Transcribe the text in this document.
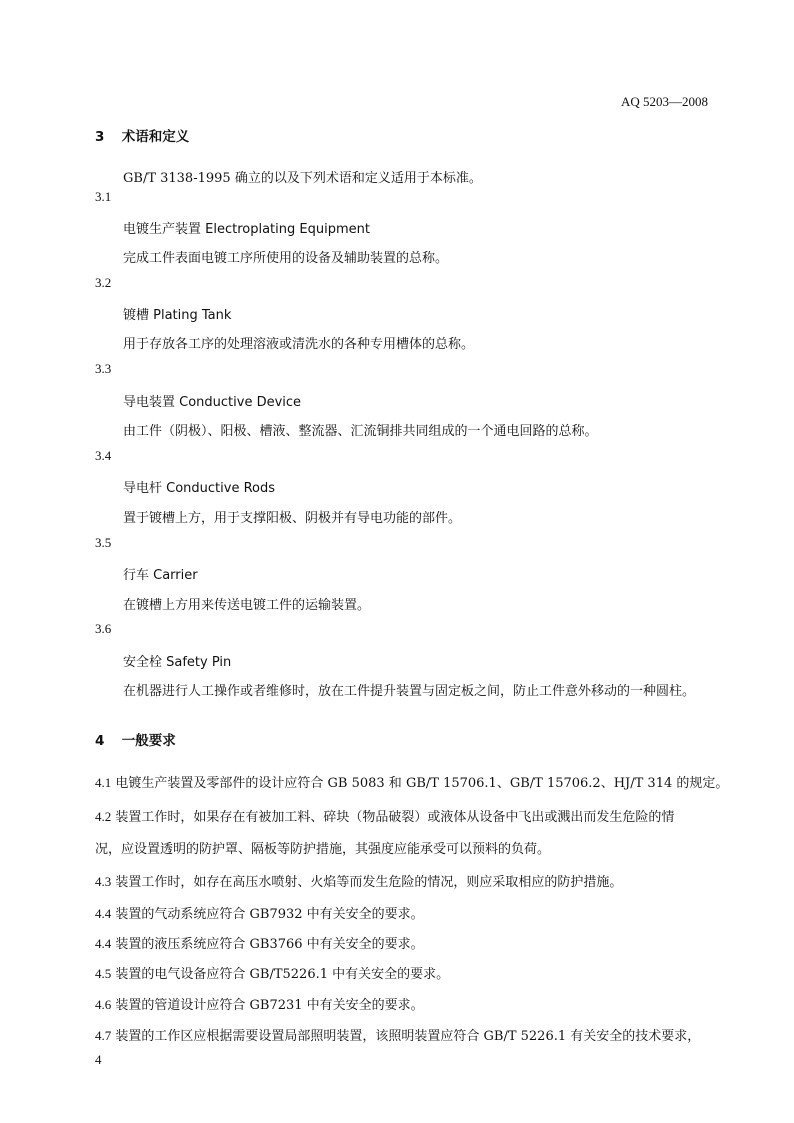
AQ 5203—2008
3 术语和定义
GB/T 3138-1995 确立的以及下列术语和定义适用于本标准。
3.1
电镀生产装置 Electroplating Equipment
完成工件表面电镀工序所使用的设备及辅助装置的总称。
3.2
镀槽 Plating Tank
用于存放各工序的处理溶液或清洗水的各种专用槽体的总称。
3.3
导电装置 Conductive Device
由工件（阴极）、阳极、槽液、整流器、汇流铜排共同组成的一个通电回路的总称。
3.4
导电杆 Conductive Rods
置于镀槽上方，用于支撑阳极、阴极并有导电功能的部件。
3.5
行车 Carrier
在镀槽上方用来传送电镀工件的运输装置。
3.6
安全栓 Safety Pin
在机器进行人工操作或者维修时，放在工件提升装置与固定板之间，防止工件意外移动的一种圆柱。
4 一般要求
4.1 电镀生产装置及零部件的设计应符合 GB 5083 和 GB/T 15706.1、GB/T 15706.2、HJ/T 314 的规定。
4.2 装置工作时，如果存在有被加工料、碎块（物品破裂）或液体从设备中飞出或溅出而发生危险的情
况，应设置透明的防护罩、隔板等防护措施，其强度应能承受可以预料的负荷。
4.3 装置工作时，如存在高压水喷射、火焰等而发生危险的情况，则应采取相应的防护措施。
4.4 装置的气动系统应符合 GB7932 中有关安全的要求。
4.4 装置的液压系统应符合 GB3766 中有关安全的要求。
4.5 装置的电气设备应符合 GB/T5226.1 中有关安全的要求。
4.6 装置的管道设计应符合 GB7231 中有关安全的要求。
4.7 装置的工作区应根据需要设置局部照明装置，该照明装置应符合 GB/T 5226.1 有关安全的技术要求，
4
